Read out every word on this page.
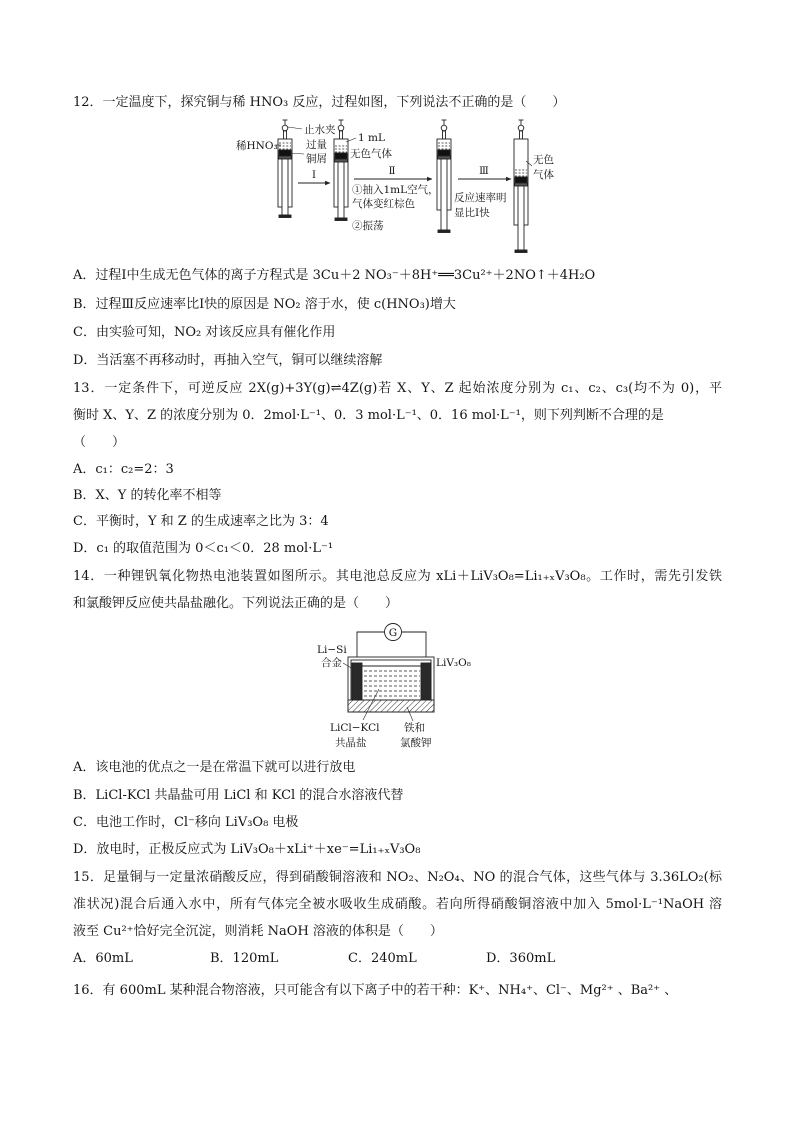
12．一定温度下，探究铜与稀 HNO₃ 反应，过程如图，下列说法不正确的是（　　）
Ⅰ	Ⅱ	Ⅲ
①抽入1mL空气，
气体变红棕色
②振荡
反应速率明
显比Ⅰ快
稀HNO₃
止水夹
过量
铜屑
1 mL
无色气体	无色
气体
A．过程Ⅰ中生成无色气体的离子方程式是 3Cu＋2 NO₃⁻＋8H⁺══3Cu²⁺＋2NO↑＋4H₂O
B．过程Ⅲ反应速率比Ⅰ快的原因是 NO₂ 溶于水，使 c(HNO₃)增大
C．由实验可知，NO₂ 对该反应具有催化作用
D．当活塞不再移动时，再抽入空气，铜可以继续溶解
13．一定条件下，可逆反应 2X(g)+3Y(g)⇌4Z(g)若 X、Y、Z 起始浓度分别为 c₁、c₂、c₃(均不为 0)，平
衡时 X、Y、Z 的浓度分别为 0．2mol·L⁻¹、0．3 mol·L⁻¹、0．16 mol·L⁻¹，则下列判断不合理的是
（　　）
A．c₁：c₂=2：3
B．X、Y 的转化率不相等
C．平衡时，Y 和 Z 的生成速率之比为 3：4
D．c₁ 的取值范围为 0＜c₁＜0．28 mol·L⁻¹
14．一种锂钒氧化物热电池装置如图所示。其电池总反应为 xLi＋LiV₃O₈=Li₁₊ₓV₃O₈。工作时，需先引发铁
和氯酸钾反应使共晶盐融化。下列说法正确的是（　　）
G
Li−Si
合金	LiV₃O₈
LiCl−KCl
共晶盐
铁和
氯酸钾
A．该电池的优点之一是在常温下就可以进行放电
B．LiCl-KCl 共晶盐可用 LiCl 和 KCl 的混合水溶液代替
C．电池工作时，Cl⁻移向 LiV₃O₈ 电极
D．放电时，正极反应式为 LiV₃O₈＋xLi⁺＋xe⁻=Li₁₊ₓV₃O₈
15．足量铜与一定量浓硝酸反应，得到硝酸铜溶液和 NO₂、N₂O₄、NO 的混合气体，这些气体与 3.36LO₂(标
准状况)混合后通入水中，所有气体完全被水吸收生成硝酸。若向所得硝酸铜溶液中加入 5mol·L⁻¹NaOH 溶
液至 Cu²⁺恰好完全沉淀，则消耗 NaOH 溶液的体积是（　　）
A．60mL	B．120mL	C．240mL	D．360mL
16．有 600mL 某种混合物溶液，只可能含有以下离子中的若干种：K⁺、NH₄⁺、Cl⁻、Mg²⁺ 、Ba²⁺ 、
